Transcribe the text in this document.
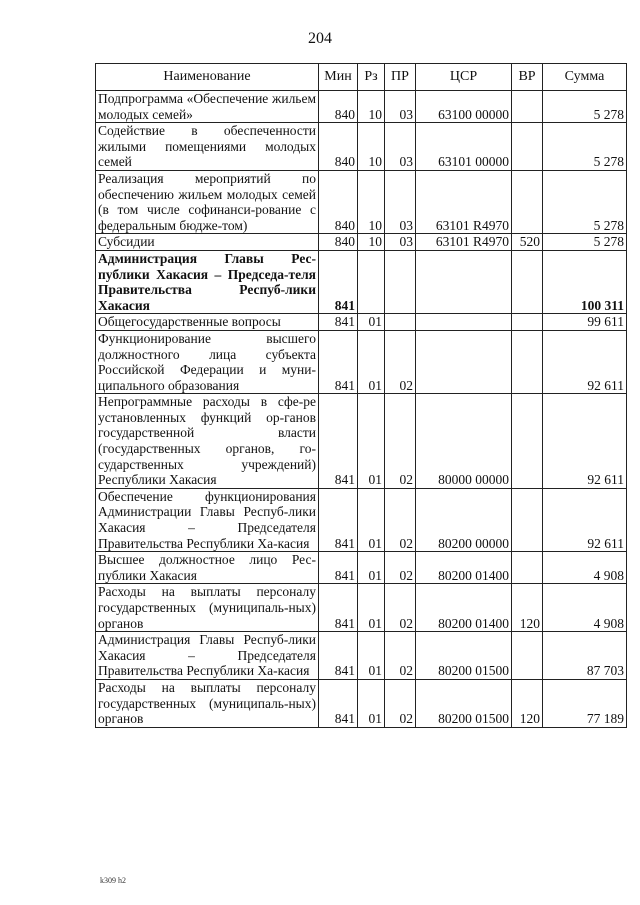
204
Наименование	Мин	Рз	ПР	ЦСР	ВР	Сумма
Подпрограмма «Обеспечение жильем молодых семей»	840	10	03	63100 00000		5 278
Содействие в обеспеченности жилыми помещениями молодых семей	840	10	03	63101 00000		5 278
Реализация мероприятий по обеспечению жильем молодых семей (в том числе софинанси-рование с федеральным бюдже-том)	840	10	03	63101 R4970		5 278
Субсидии	840	10	03	63101 R4970	520	5 278
Администрация Главы Рес-публики Хакасия – Председа-теля Правительства Респуб-лики Хакасия	841					100 311
Общегосударственные вопросы	841	01				99 611
Функционирование высшего должностного лица субъекта Российской Федерации и муни-ципального образования	841	01	02			92 611
Непрограммные расходы в сфе-ре установленных функций ор-ганов государственной власти (государственных органов, го-сударственных учреждений) Республики Хакасия	841	01	02	80000 00000		92 611
Обеспечение функционирования Администрации Главы Респуб-лики Хакасия – Председателя Правительства Республики Ха-касия	841	01	02	80200 00000		92 611
Высшее должностное лицо Рес-публики Хакасия	841	01	02	80200 01400		4 908
Расходы на выплаты персоналу государственных (муниципаль-ных) органов	841	01	02	80200 01400	120	4 908
Администрация Главы Респуб-лики Хакасия – Председателя Правительства Республики Ха-касия	841	01	02	80200 01500		87 703
Расходы на выплаты персоналу государственных (муниципаль-ных) органов	841	01	02	80200 01500	120	77 189
k309 h2
